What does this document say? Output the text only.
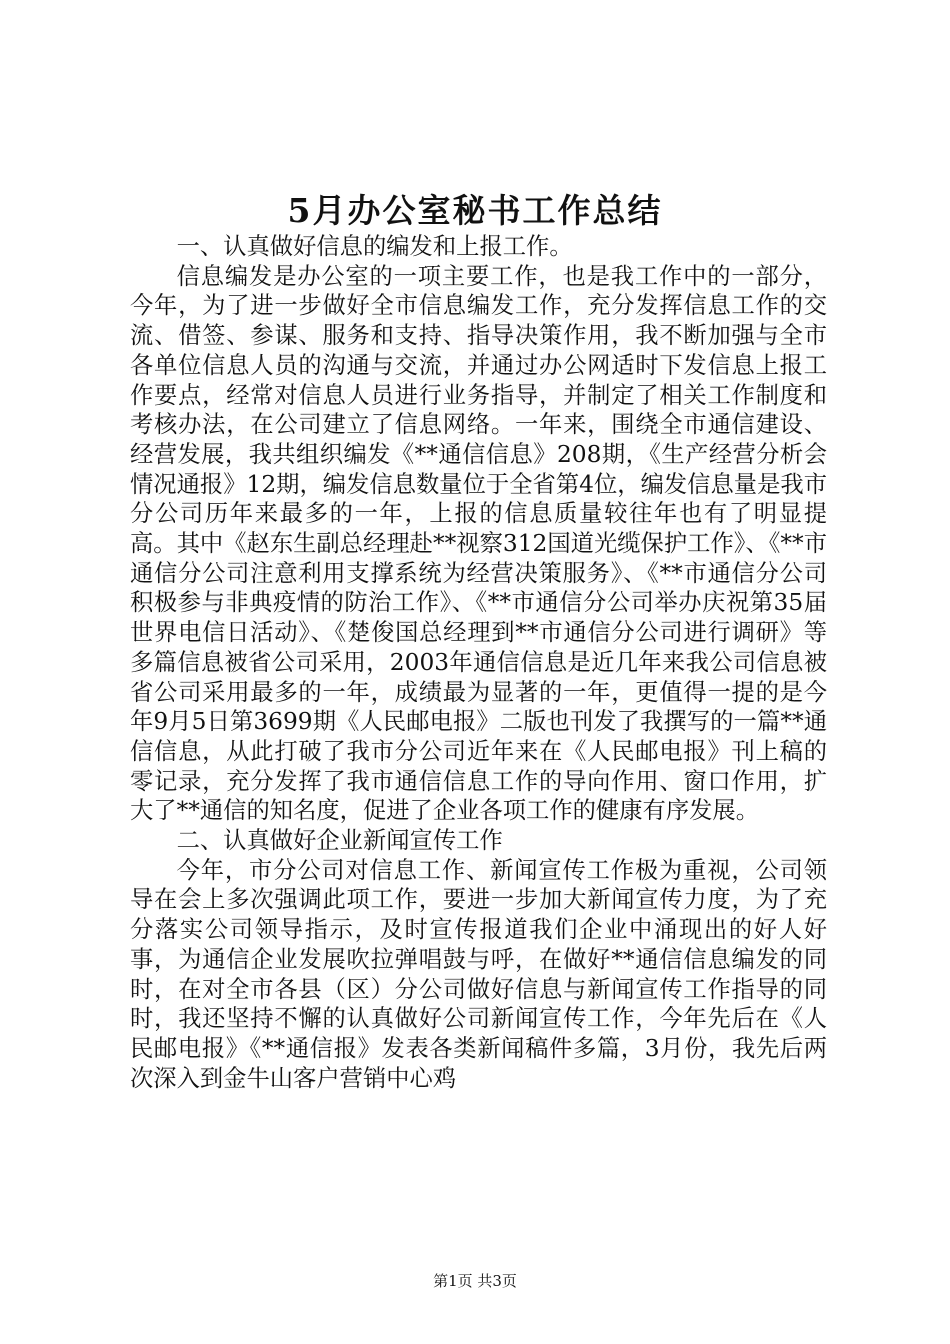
5月办公室秘书工作总结

一、认真做好信息的编发和上报工作。

信息编发是办公室的一项主要工作，也是我工作中的一部分，今年，为了进一步做好全市信息编发工作，充分发挥信息工作的交流、借签、参谋、服务和支持、指导决策作用，我不断加强与全市各单位信息人员的沟通与交流，并通过办公网适时下发信息上报工作要点，经常对信息人员进行业务指导，并制定了相关工作制度和考核办法，在公司建立了信息网络。一年来，围绕全市通信建设、经营发展，我共组织编发《**通信信息》208期，《生产经营分析会情况通报》12期，编发信息数量位于全省第4位，编发信息量是我市分公司历年来最多的一年，上报的信息质量较往年也有了明显提高。其中《赵东生副总经理赴**视察312国道光缆保护工作》、《**市通信分公司注意利用支撑系统为经营决策服务》、《**市通信分公司积极参与非典疫情的防治工作》、《**市通信分公司举办庆祝第35届世界电信日活动》、《楚俊国总经理到**市通信分公司进行调研》等多篇信息被省公司采用，2003年通信信息是近几年来我公司信息被省公司采用最多的一年，成绩最为显著的一年，更值得一提的是今年9月5日第3699期《人民邮电报》二版也刊发了我撰写的一篇**通信信息，从此打破了我市分公司近年来在《人民邮电报》刊上稿的零记录，充分发挥了我市通信信息工作的导向作用、窗口作用，扩大了**通信的知名度，促进了企业各项工作的健康有序发展。

二、认真做好企业新闻宣传工作

今年，市分公司对信息工作、新闻宣传工作极为重视，公司领导在会上多次强调此项工作，要进一步加大新闻宣传力度，为了充分落实公司领导指示，及时宣传报道我们企业中涌现出的好人好事，为通信企业发展吹拉弹唱鼓与呼，在做好**通信信息编发的同时，在对全市各县（区）分公司做好信息与新闻宣传工作指导的同时，我还坚持不懈的认真做好公司新闻宣传工作，今年先后在《人民邮电报》《**通信报》发表各类新闻稿件多篇，3月份，我先后两次深入到金牛山客户营销中心鸡

第1页 共3页
